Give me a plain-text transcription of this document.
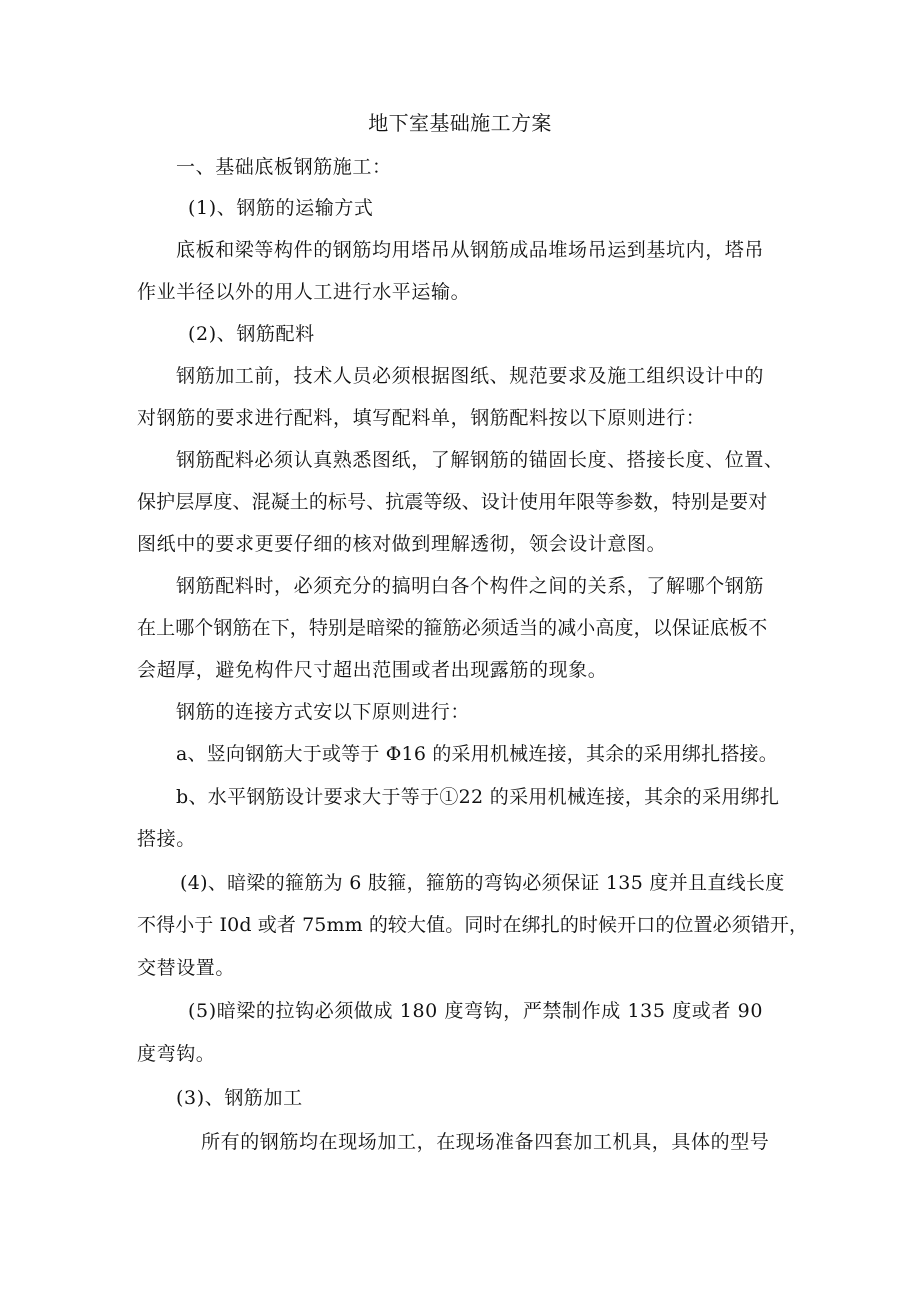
地下室基础施工方案

一、基础底板钢筋施工：

(1)、钢筋的运输方式

底板和梁等构件的钢筋均用塔吊从钢筋成品堆场吊运到基坑内，塔吊

作业半径以外的用人工进行水平运输。

(2)、钢筋配料

钢筋加工前，技术人员必须根据图纸、规范要求及施工组织设计中的

对钢筋的要求进行配料，填写配料单，钢筋配料按以下原则进行：

钢筋配料必须认真熟悉图纸，了解钢筋的锚固长度、搭接长度、位置、

保护层厚度、混凝土的标号、抗震等级、设计使用年限等参数，特别是要对

图纸中的要求更要仔细的核对做到理解透彻，领会设计意图。

钢筋配料时，必须充分的搞明白各个构件之间的关系，了解哪个钢筋

在上哪个钢筋在下，特别是暗梁的箍筋必须适当的减小高度，以保证底板不

会超厚，避免构件尺寸超出范围或者出现露筋的现象。

钢筋的连接方式安以下原则进行：

a、竖向钢筋大于或等于 Φ16 的采用机械连接，其余的采用绑扎搭接。

b、水平钢筋设计要求大于等于①22 的采用机械连接，其余的采用绑扎

搭接。

(4)、暗梁的箍筋为 6 肢箍，箍筋的弯钩必须保证 135 度并且直线长度

不得小于 I0d 或者 75mm 的较大值。同时在绑扎的时候开口的位置必须错开，

交替设置。

(5)暗梁的拉钩必须做成 180 度弯钩，严禁制作成 135 度或者 90

度弯钩。

(3)、钢筋加工

所有的钢筋均在现场加工，在现场准备四套加工机具，具体的型号
